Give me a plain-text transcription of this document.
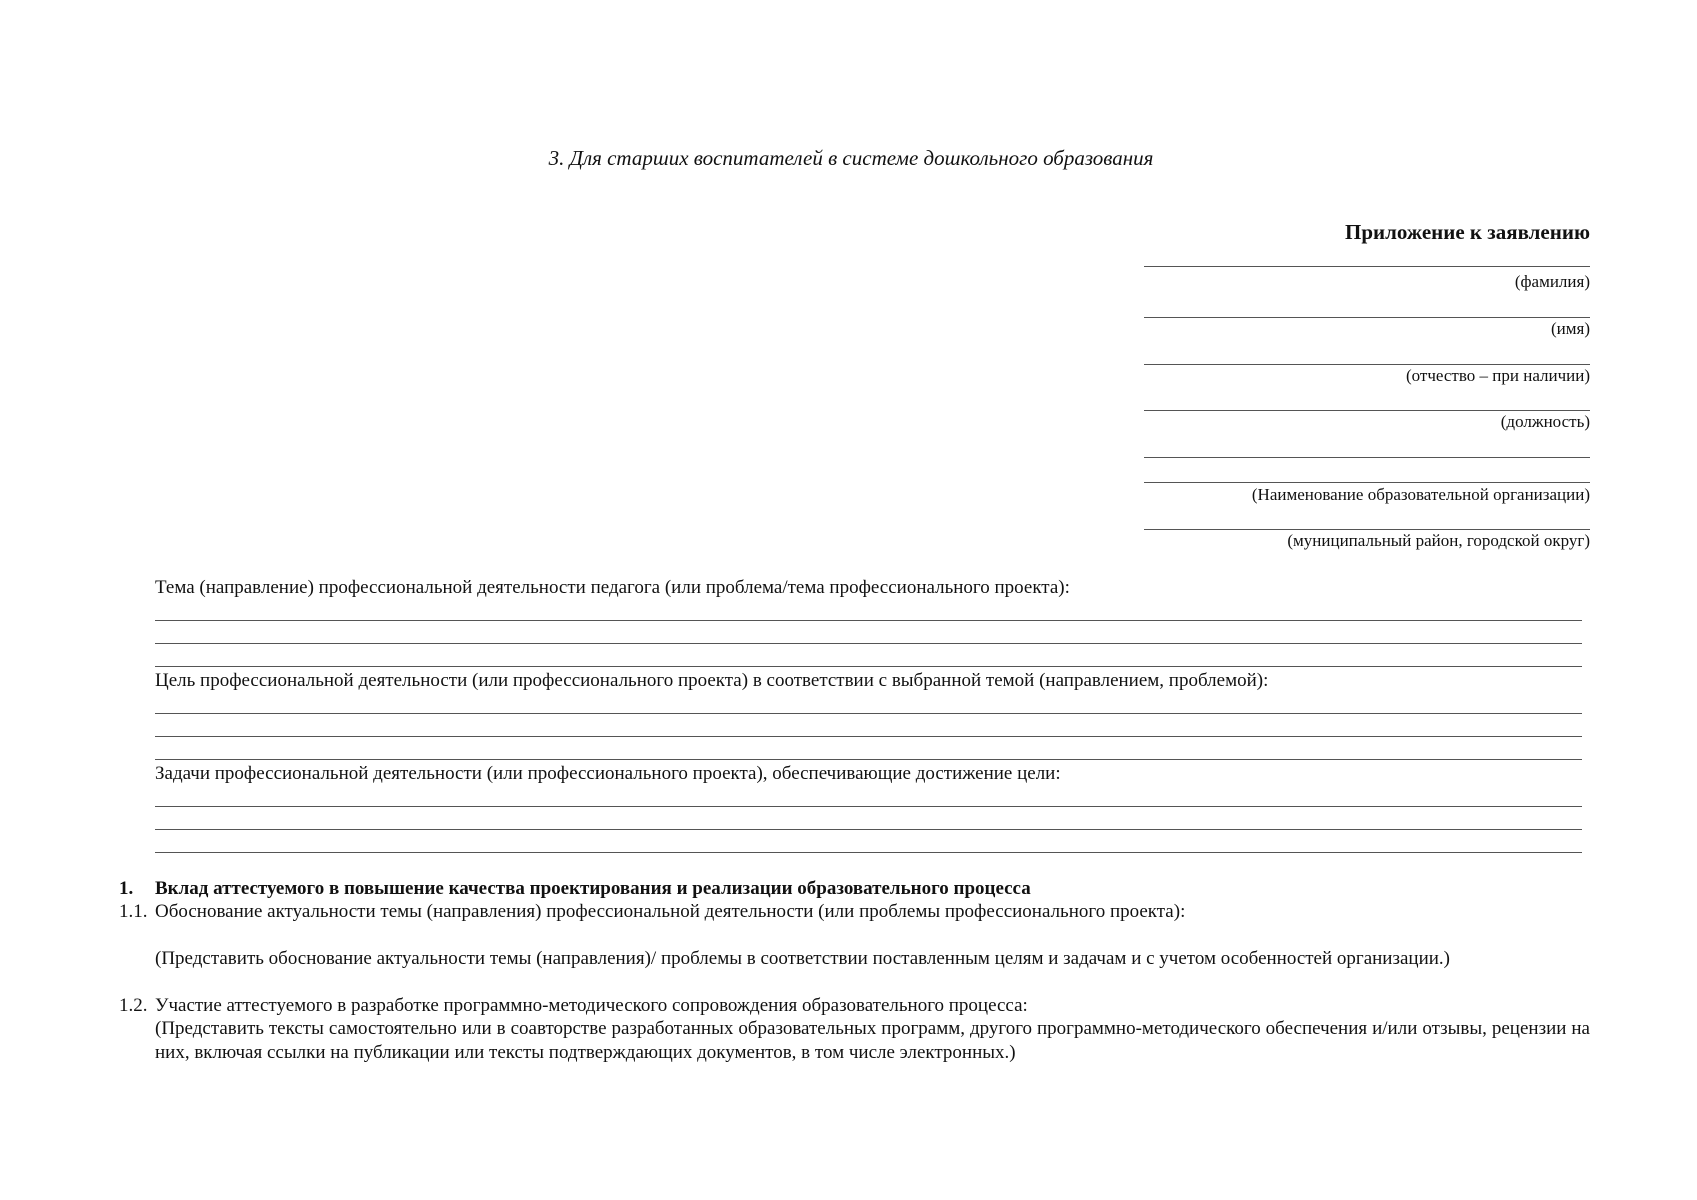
3. Для старших воспитателей в системе дошкольного образования
Приложение к заявлению
(фамилия)
(имя)
(отчество – при наличии)
(должность)
(Наименование образовательной организации)
(муниципальный район, городской округ)
Тема (направление) профессиональной деятельности педагога (или проблема/тема профессионального проекта):
Цель профессиональной деятельности (или профессионального проекта) в соответствии с выбранной темой (направлением, проблемой):
Задачи профессиональной деятельности (или профессионального проекта), обеспечивающие достижение цели:
1. Вклад аттестуемого в повышение качества проектирования и реализации образовательного процесса
1.1. Обоснование актуальности темы (направления) профессиональной деятельности (или проблемы профессионального проекта):
(Представить обоснование актуальности темы (направления)/ проблемы в соответствии поставленным целям и задачам и с учетом особенностей организации.)
1.2. Участие аттестуемого в разработке программно-методического сопровождения образовательного процесса:
(Представить тексты самостоятельно или в соавторстве разработанных образовательных программ, другого программно-методического обеспечения и/или отзывы, рецензии на них, включая ссылки на публикации или тексты подтверждающих документов, в том числе электронных.)
